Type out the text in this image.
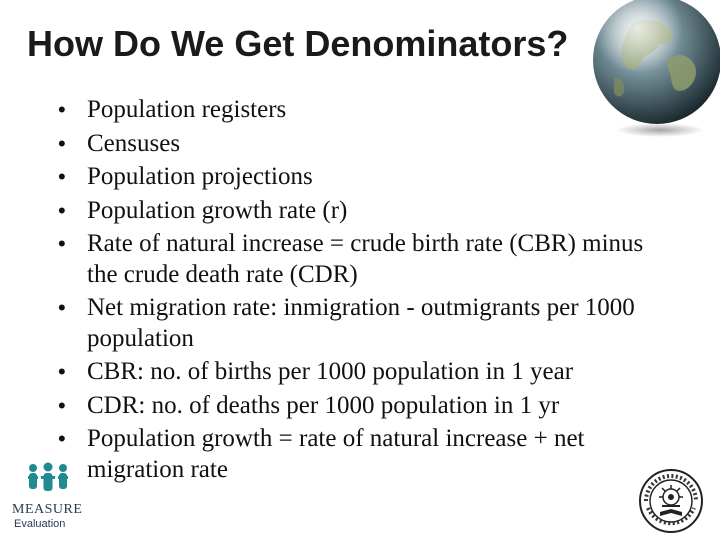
How Do We Get Denominators?
• Population registers
• Censuses
• Population projections
• Population growth rate (r)
• Rate of natural increase = crude birth rate (CBR) minus the crude death rate (CDR)
• Net migration rate: inmigration - outmigrants per 1000 population
• CBR: no. of births per 1000 population in 1 year
• CDR: no. of deaths per 1000 population in 1 yr
• Population growth = rate of natural increase + net migration rate
MEASURE
Evaluation
